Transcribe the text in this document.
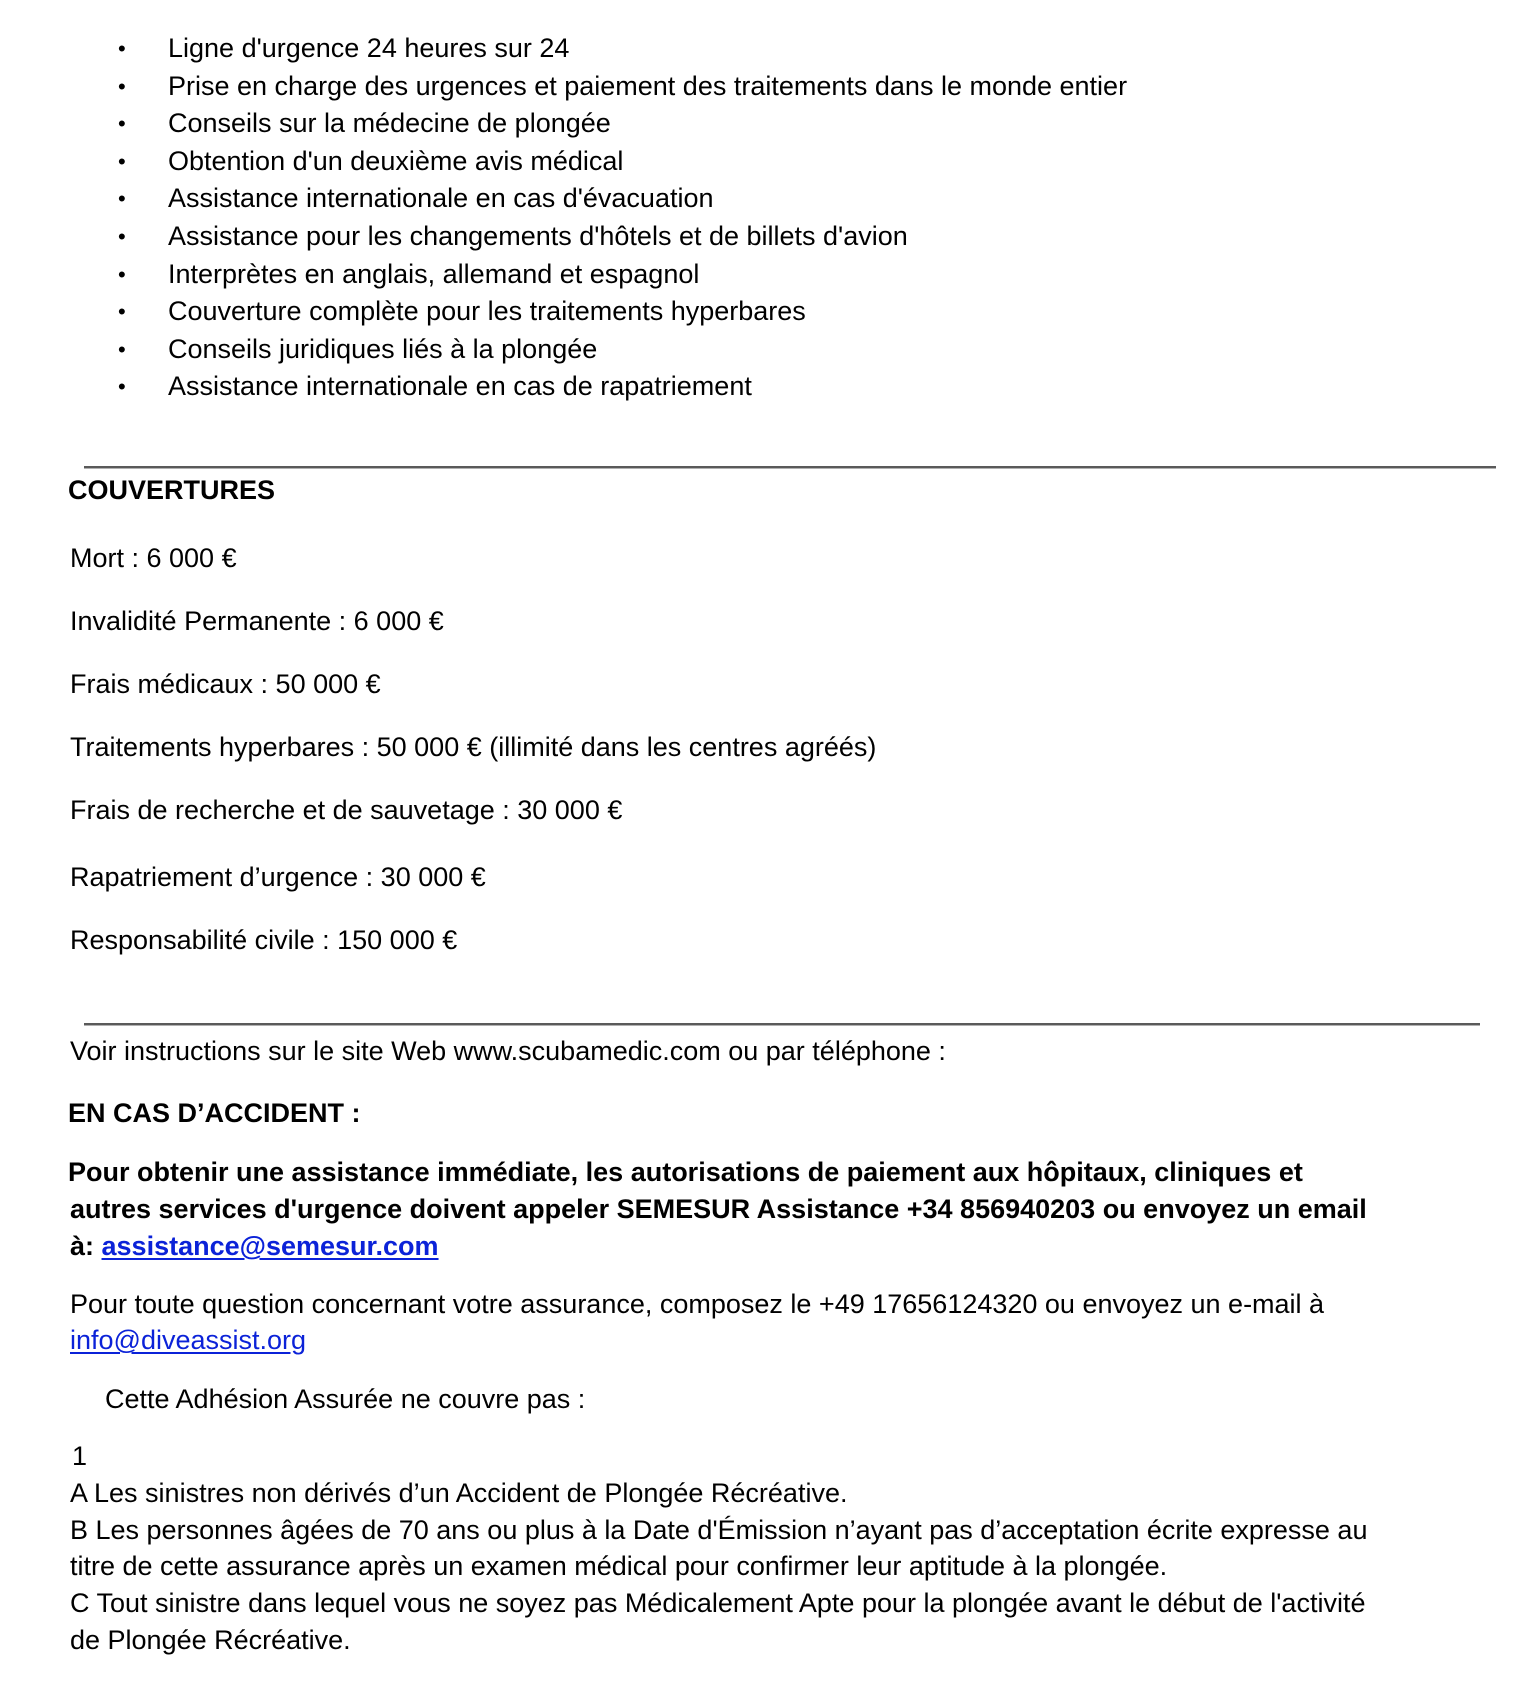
•	Ligne d'urgence 24 heures sur 24
•	Prise en charge des urgences et paiement des traitements dans le monde entier
•	Conseils sur la médecine de plongée
•	Obtention d'un deuxième avis médical
•	Assistance internationale en cas d'évacuation
•	Assistance pour les changements d'hôtels et de billets d'avion
•	Interprètes en anglais, allemand et espagnol
•	Couverture complète pour les traitements hyperbares
•	Conseils juridiques liés à la plongée
•	Assistance internationale en cas de rapatriement
COUVERTURES
Mort : 6 000 €
Invalidité Permanente : 6 000 €
Frais médicaux : 50 000 €
Traitements hyperbares : 50 000 € (illimité dans les centres agréés)
Frais de recherche et de sauvetage : 30 000 €
Rapatriement d’urgence : 30 000 €
Responsabilité civile : 150 000 €
Voir instructions sur le site Web www.scubamedic.com ou par téléphone :
EN CAS D’ACCIDENT :
Pour obtenir une assistance immédiate, les autorisations de paiement aux hôpitaux, cliniques et
autres services d'urgence doivent appeler SEMESUR Assistance +34 856940203 ou envoyez un email
à: assistance@semesur.com
Pour toute question concernant votre assurance, composez le +49 17656124320 ou envoyez un e-mail à
info@diveassist.org
Cette Adhésion Assurée ne couvre pas :
1
A Les sinistres non dérivés d’un Accident de Plongée Récréative.
B Les personnes âgées de 70 ans ou plus à la Date d'Émission n’ayant pas d’acceptation écrite expresse au
titre de cette assurance après un examen médical pour confirmer leur aptitude à la plongée.
C Tout sinistre dans lequel vous ne soyez pas Médicalement Apte pour la plongée avant le début de l'activité
de Plongée Récréative.
